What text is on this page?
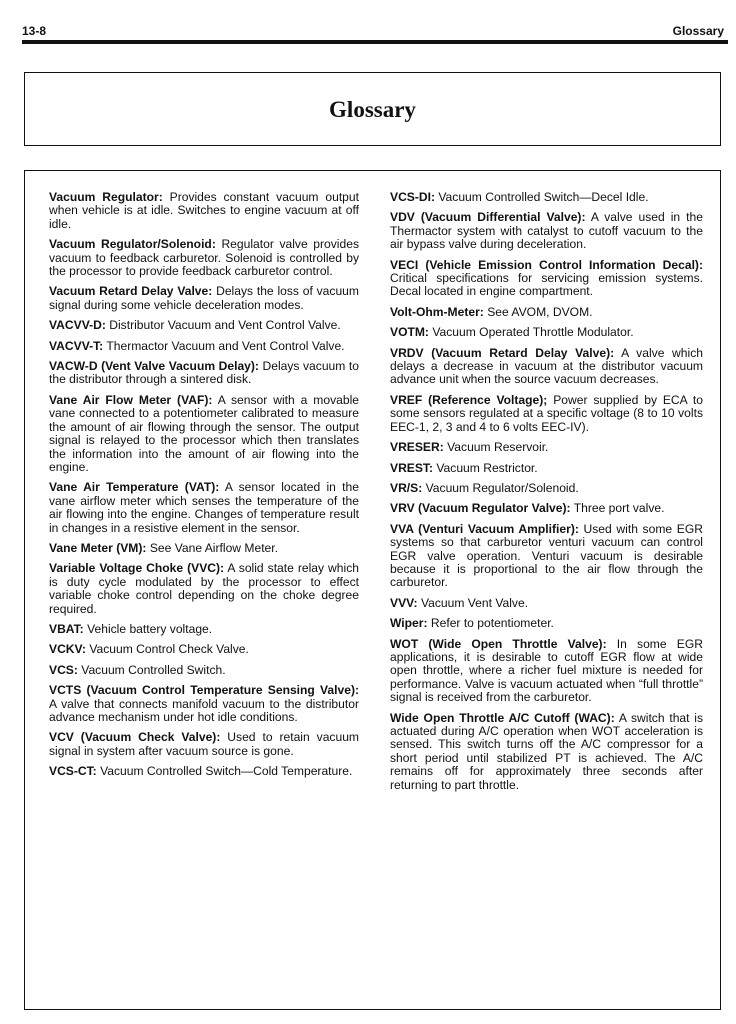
13-8	Glossary
Glossary

Vacuum Regulator: Provides constant vacuum output when vehicle is at idle. Switches to engine vacuum at off idle.

Vacuum Regulator/Solenoid: Regulator valve provides vacuum to feedback carburetor. Solenoid is controlled by the processor to provide feedback carburetor control.

Vacuum Retard Delay Valve: Delays the loss of vacuum signal during some vehicle deceleration modes.

VACVV-D: Distributor Vacuum and Vent Control Valve.

VACVV-T: Thermactor Vacuum and Vent Control Valve.

VACW-D (Vent Valve Vacuum Delay): Delays vacuum to the distributor through a sintered disk.

Vane Air Flow Meter (VAF): A sensor with a movable vane connected to a potentiometer calibrated to measure the amount of air flowing through the sensor. The output signal is relayed to the processor which then translates the information into the amount of air flowing into the engine.

Vane Air Temperature (VAT): A sensor located in the vane airflow meter which senses the temperature of the air flowing into the engine. Changes of temperature result in changes in a resistive element in the sensor.

Vane Meter (VM): See Vane Airflow Meter.

Variable Voltage Choke (VVC): A solid state relay which is duty cycle modulated by the processor to effect variable choke control depending on the choke degree required.

VBAT: Vehicle battery voltage.

VCKV: Vacuum Control Check Valve.

VCS: Vacuum Controlled Switch.

VCTS (Vacuum Control Temperature Sensing Valve): A valve that connects manifold vacuum to the distributor advance mechanism under hot idle conditions.

VCV (Vacuum Check Valve): Used to retain vacuum signal in system after vacuum source is gone.

VCS-CT: Vacuum Controlled Switch—Cold Temperature.

VCS-DI: Vacuum Controlled Switch—Decel Idle.

VDV (Vacuum Differential Valve): A valve used in the Thermactor system with catalyst to cutoff vacuum to the air bypass valve during deceleration.

VECI (Vehicle Emission Control Information Decal): Critical specifications for servicing emission systems. Decal located in engine compartment.

Volt-Ohm-Meter: See AVOM, DVOM.

VOTM: Vacuum Operated Throttle Modulator.

VRDV (Vacuum Retard Delay Valve): A valve which delays a decrease in vacuum at the distributor vacuum advance unit when the source vacuum decreases.

VREF (Reference Voltage); Power supplied by ECA to some sensors regulated at a specific voltage (8 to 10 volts EEC-1, 2, 3 and 4 to 6 volts EEC-IV).

VRESER: Vacuum Reservoir.

VREST: Vacuum Restrictor.

VR/S: Vacuum Regulator/Solenoid.

VRV (Vacuum Regulator Valve): Three port valve.

VVA (Venturi Vacuum Amplifier): Used with some EGR systems so that carburetor venturi vacuum can control EGR valve operation. Venturi vacuum is desirable because it is proportional to the air flow through the carburetor.

VVV: Vacuum Vent Valve.

Wiper: Refer to potentiometer.

WOT (Wide Open Throttle Valve): In some EGR applications, it is desirable to cutoff EGR flow at wide open throttle, where a richer fuel mixture is needed for performance. Valve is vacuum actuated when “full throttle” signal is received from the carburetor.

Wide Open Throttle A/C Cutoff (WAC): A switch that is actuated during A/C operation when WOT acceleration is sensed. This switch turns off the A/C compressor for a short period until stabilized PT is achieved. The A/C remains off for approximately three seconds after returning to part throttle.
